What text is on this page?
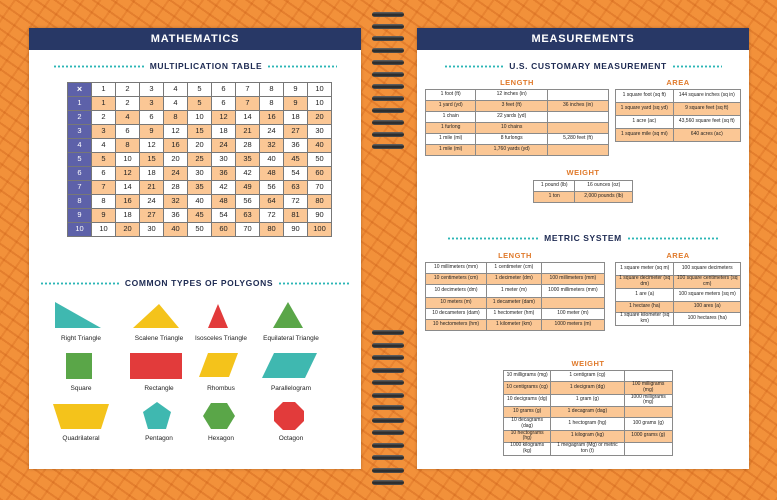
MATHEMATICS
MULTIPLICATION TABLE
×	1	2	3	4	5	6	7	8	9	10
1	1	2	3	4	5	6	7	8	9	10
2	2	4	6	8	10	12	14	16	18	20
3	3	6	9	12	15	18	21	24	27	30
4	4	8	12	16	20	24	28	32	36	40
5	5	10	15	20	25	30	35	40	45	50
6	6	12	18	24	30	36	42	48	54	60
7	7	14	21	28	35	42	49	56	63	70
8	8	16	24	32	40	48	56	64	72	80
9	9	18	27	36	45	54	63	72	81	90
10	10	20	30	40	50	60	70	80	90	100
COMMON TYPES OF POLYGONS
Right Triangle	Scalene Triangle	Isosceles Triangle	Equilateral Triangle
Square	Rectangle	Rhombus	Parallelogram
Quadrilateral	Pentagon	Hexagon	Octagon
MEASUREMENTS
U.S. CUSTOMARY MEASUREMENT
LENGTH
1 foot (ft)	12 inches (in)	
1 yard (yd)	3 feet (ft)	36 inches (in)
1 chain	22 yards (yd)	
1 furlong	10 chains	
1 mile (mi)	8 furlongs	5,280 feet (ft)
1 mile (mi)	1,760 yards (yd)	
AREA
1 square foot (sq ft)	144 square inches (sq in)
1 square yard (sq yd)	9 square feet (sq ft)
1 acre (ac)	43,560 square feet (sq ft)
1 square mile (sq mi)	640 acres (ac)
WEIGHT
1 pound (lb)	16 ounces (oz)
1 ton	2,000 pounds (lb)
METRIC SYSTEM
LENGTH
10 millimeters (mm)	1 centimeter (cm)	
10 centimeters (cm)	1 decimeter (dm)	100 millimeters (mm)
10 decimeters (dm)	1 meter (m)	1000 millimeters (mm)
10 meters (m)	1 decameter (dam)	
10 decameters (dam)	1 hectometer (hm)	100 meter (m)
10 hectometers (hm)	1 kilometer (km)	1000 meters (m)
AREA
1 square meter (sq m)	100 square decimeters
1 square decimeter (sq dm)	100 square centimeters (sq cm)
1 are (a)	100 square meters (sq m)
1 hectare (ha)	100 ares (a)
1 square kilometer (sq km)	100 hectares (ha)
WEIGHT
10 milligrams (mg)	1 centigram (cg)	
10 centigrams (cg)	1 decigram (dg)	100 milligrams (mg)
10 decigrams (dg)	1 gram (g)	1000 milligrams (mg)
10 grams (g)	1 decagram (dag)	
10 decagrams (dag)	1 hectogram (hg)	100 grams (g)
10 hectograms (hg)	1 kilogram (kg)	1000 grams (g)
1000 kilograms (kg)	1 megagram (Mg) or metric ton (t)	
